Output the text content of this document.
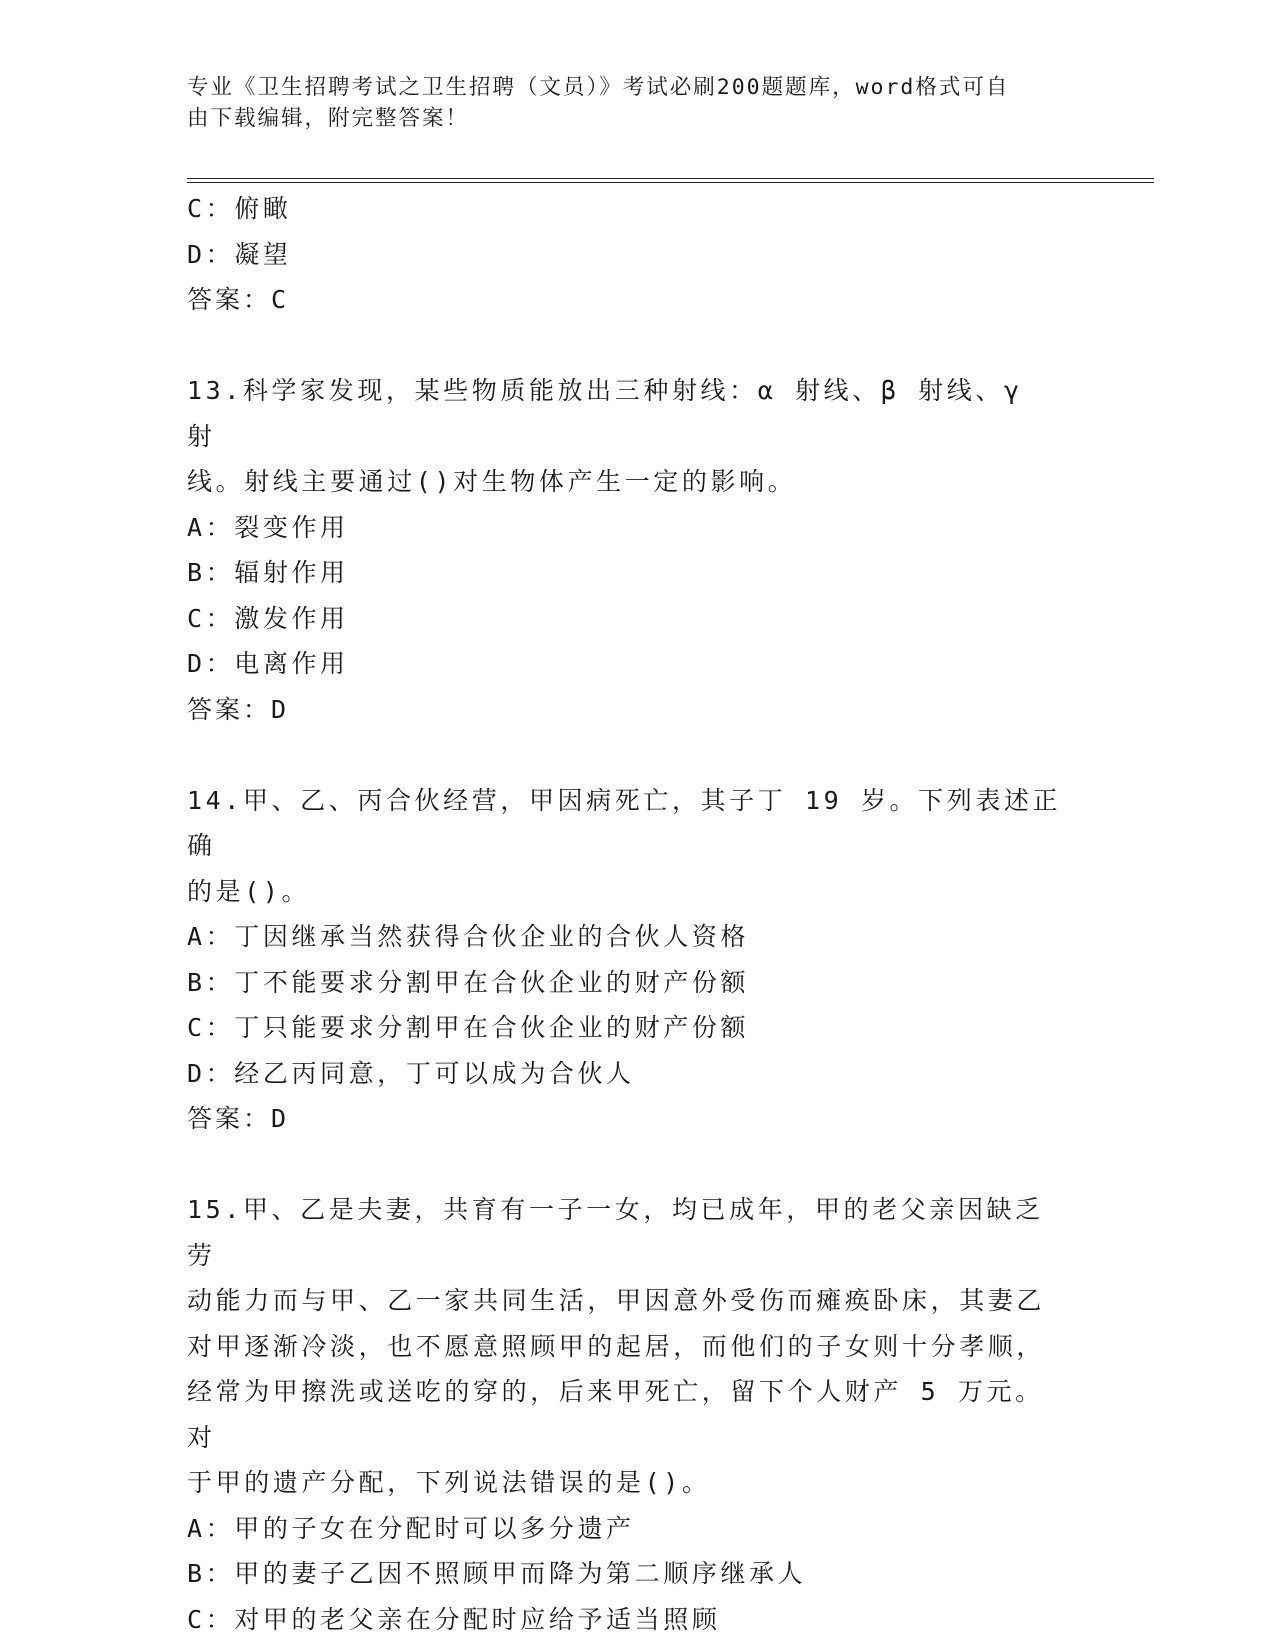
专业《卫生招聘考试之卫生招聘（文员）》考试必刷200题题库，word格式可自
由下载编辑，附完整答案！
C：俯瞰
D：凝望
答案：C
13.科学家发现，某些物质能放出三种射线：α 射线、β 射线、γ 射
线。射线主要通过()对生物体产生一定的影响。
A：裂变作用
B：辐射作用
C：激发作用
D：电离作用
答案：D
14.甲、乙、丙合伙经营，甲因病死亡，其子丁 19 岁。下列表述正确
的是()。
A：丁因继承当然获得合伙企业的合伙人资格
B：丁不能要求分割甲在合伙企业的财产份额
C：丁只能要求分割甲在合伙企业的财产份额
D：经乙丙同意，丁可以成为合伙人
答案：D
15.甲、乙是夫妻，共育有一子一女，均已成年，甲的老父亲因缺乏劳
动能力而与甲、乙一家共同生活，甲因意外受伤而瘫痪卧床，其妻乙
对甲逐渐冷淡，也不愿意照顾甲的起居，而他们的子女则十分孝顺，
经常为甲擦洗或送吃的穿的，后来甲死亡，留下个人财产 5 万元。对
于甲的遗产分配，下列说法错误的是()。
A：甲的子女在分配时可以多分遗产
B：甲的妻子乙因不照顾甲而降为第二顺序继承人
C：对甲的老父亲在分配时应给予适当照顾
